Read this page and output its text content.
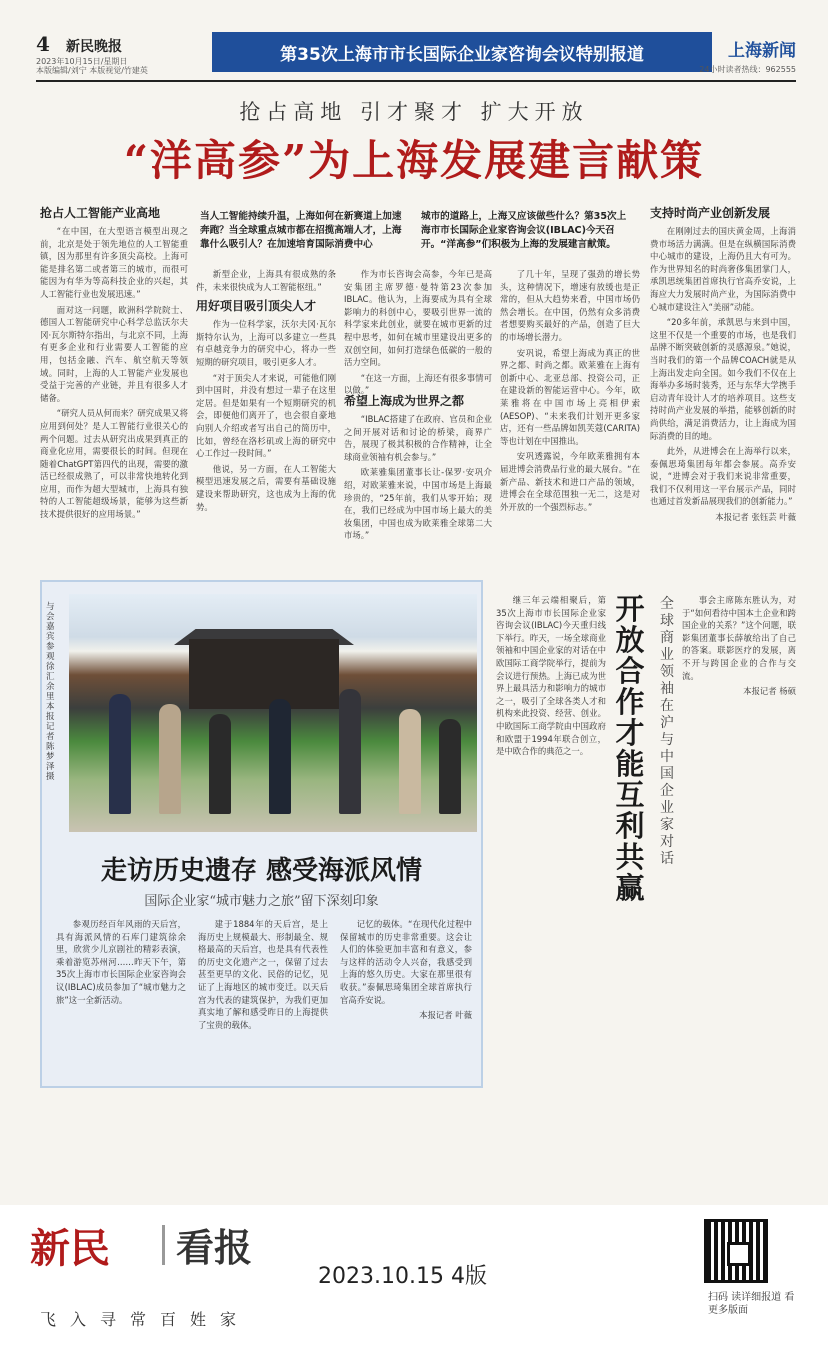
4 新民晚报
2023年10月15日/星期日
本版编辑/刘宁 本版视觉/竹建英
第35次上海市市长国际企业家咨询会议特别报道	上海新闻
24小时读者热线：962555
抢占高地 引才聚才 扩大开放
“洋高参”为上海发展建言献策
当人工智能持续升温，上海如何在新赛道上加速奔跑？当全球重点城市都在招揽高端人才，上海靠什么吸引人？在加速培育国际消费中心
城市的道路上，上海又应该做些什么？第35次上海市市长国际企业家咨询会议(IBLAC)今天召开。“洋高参”们积极为上海的发展建言献策。
抢占人工智能产业高地

“在中国，在大型语言模型出现之前，北京是处于领先地位的人工智能重镇，因为那里有许多顶尖高校。上海可能是排名第二或者第三的城市，而很可能因为有华为等高科技企业的兴起，其人工智能行业也发展迅速。”

面对这一问题，欧洲科学院院士、德国人工智能研究中心科学总监沃尔夫冈·瓦尔斯特尔指出，与北京不同，上海有更多企业和行业需要人工智能的应用，包括金融、汽车、航空航天等领域。同时，上海的人工智能产业发展也受益于完善的产业链，并且有很多人才储备。

“研究人员从何而来？研究成果又将应用到何处？是人工智能行业很关心的两个问题。过去从研究出成果到真正的商业化应用，需要很长的时间。但现在随着ChatGPT第四代的出现，需要的激活已经很成熟了，可以非常快地转化到应用，而作为超大型城市，上海具有独特的人工智能超级场景，能够为这些新技术提供很好的应用场景。”

新型企业，上海具有很成熟的条件，未来很快成为人工智能枢纽。”

用好项目吸引顶尖人才

作为一位科学家，沃尔夫冈·瓦尔斯特尔认为，上海可以多建立一些具有卓越竞争力的研究中心，将办一些短期的研究项目，吸引更多人才。

“对于顶尖人才来说，可能他们刚到中国时，并没有想过一辈子在这里定居。但是如果有一个短期研究的机会，即便他们离开了，也会很自豪地向别人介绍或者写出自己的简历中，比如，曾经在洛杉矶或上海的研究中心工作过一段时间。”

他说，另一方面，在人工智能大模型迅速发展之后，需要有基础设施建设来帮助研究，这也成为上海的优势。

作为市长咨询会高参，今年已是高安集团主席罗德·曼特第23次参加IBLAC。他认为，上海要成为具有全球影响力的科创中心，要吸引世界一流的科学家来此创业，就要在城市更新的过程中思考，如何在城市里建设出更多的双创空间，如何打造绿色低碳的一般的活力空间。

“在这一方面，上海还有很多事情可以做。”

希望上海成为世界之都

“IBLAC搭建了在政府、官员和企业之间开展对话和讨论的桥梁，商界广告，展现了极其积极的合作精神，让全球商业领袖有机会参与。”

欧莱雅集团董事长让-保罗·安巩介绍，对欧莱雅来说，中国市场是上海最珍贵的，“25年前，我们从零开始；现在，我们已经成为中国市场上最大的美妆集团，中国也成为欧莱雅全球第二大市场。”

了几十年，呈现了强劲的增长势头，这种情况下，增速有放缓也是正常的，但从大趋势来看，中国市场仍然会增长。在中国，仍然有众多消费者想要购买最好的产品，创造了巨大的市场增长潜力。

安巩说，希望上海成为真正的世界之都、时尚之都。欧莱雅在上海有创新中心、北亚总部、投资公司，正在建设新的智能运营中心。今年，欧莱雅将在中国市场上亮相伊索(AESOP)、“未来我们计划开更多家店，还有一些品牌如凯芙蔻(CARITA)等也计划在中国推出。

安巩透露说，今年欧莱雅拥有本届进博会消费品行业的最大展台。“在新产品、新技术和进口产品的领域，进博会在全球范围独一无二，这是对外开放的一个强烈标志。”

支持时尚产业创新发展

在刚刚过去的国庆黄金周，上海消费市场活力满满。但是在纵横国际消费中心城市的建设，上海仍且大有可为。作为世界知名的时尚奢侈集团掌门人，承凯思统集团首席执行官高乔安说，上海应大力发展时尚产业，为国际消费中心城市建设注入“美丽”动能。

“20多年前，承凯思与来到中国，这里不仅是一个重要的市场，也是我们品牌不断突破创新的灵感源泉。”她说，当时我们的第一个品牌COACH就是从上海出发走向全国。如今我们不仅在上海举办多场时装秀，还与东华大学携手启动青年设计人才的培养项目。这些支持时尚产业发展的举措，能够创新的时尚供给，满足消费活力，让上海成为国际消费的目的地。

此外，从进博会在上海举行以来，泰佩思琦集团每年都会参展。高乔安说，“进博会对于我们来说非常重要，我们不仅利用这一平台展示产品，同时也通过首发新品展现我们的创新能力。”

本报记者 张钰芸 叶薇

与会嘉宾参观徐汇余里 本报记者 陈梦泽 摄
走访历史遗存 感受海派风情
国际企业家“城市魅力之旅”留下深刻印象

参观历经百年风雨的天后宫，具有海派风情的石库门建筑徐余里，欣赏少儿京剧社的精彩表演，乘着游览苏州河……昨天下午，第35次上海市市长国际企业家咨询会议(IBLAC)成员参加了“城市魅力之旅”这一全新活动。

建于1884年的天后宫，是上海历史上规模最大、形制最全、规格最高的天后宫，也是具有代表性的历史文化遗产之一，保留了过去甚至更早的文化、民俗的记忆，见证了上海地区的城市变迁。以天后宫为代表的建筑保护，为我们更加真实地了解和感受昨日的上海提供了宝贵的载体。

记忆的载体。“在现代化过程中保留城市的历史非常重要。这会让人们的体验更加丰富和有意义，参与这样的活动令人兴奋，我感受到上海的悠久历史。大家在那里很有收获。”泰佩思琦集团全球首席执行官高乔安说。

本报记者 叶薇

继三年云端相聚后，第35次上海市市长国际企业家咨询会议(IBLAC)今天重归线下举行。昨天，一场全球商业领袖和中国企业家的对话在中欧国际工商学院举行，提前为会议进行预热。上海已成为世界上最具活力和影响力的城市之一，吸引了全球各类人才和机构来此投资、经营、创业。中欧国际工商学院由中国政府和欧盟于1994年联合创立，是中欧合作的典范之一。

开放合作才能互利共赢
全球商业领袖在沪与中国企业家对话

事会主席陈东胜认为，对于“如何看待中国本土企业和跨国企业的关系？”这个问题，联影集团董事长薛敏给出了自己的答案。联影医疗的发展，离不开与跨国企业的合作与交流。

本报记者 杨硕

新民 看报
2023.10.15 4版
飞入寻常百姓家
扫码 读详细报道 看更多版面
